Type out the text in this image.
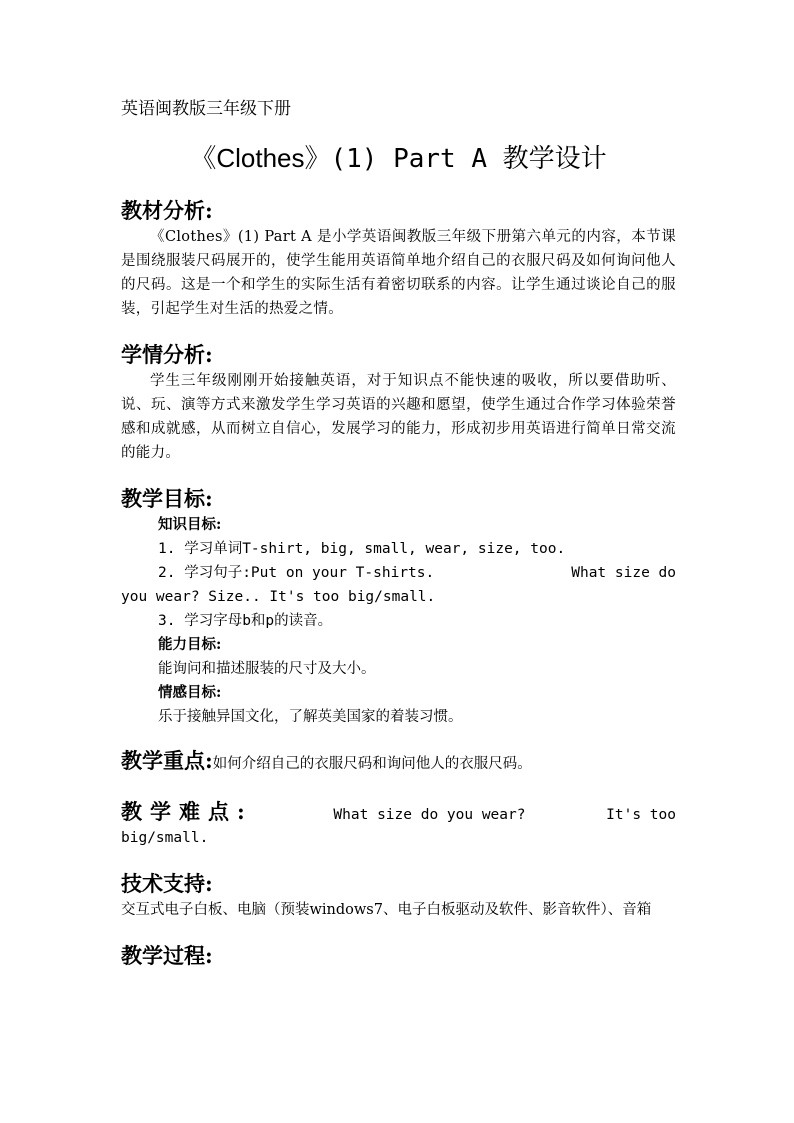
英语闽教版三年级下册

《Clothes》(1) Part A 教学设计

教材分析:

《Clothes》(1) Part A 是小学英语闽教版三年级下册第六单元的内容，本节课是围绕服装尺码展开的，使学生能用英语简单地介绍自己的衣服尺码及如何询问他人的尺码。这是一个和学生的实际生活有着密切联系的内容。让学生通过谈论自己的服装，引起学生对生活的热爱之情。

学情分析:

学生三年级刚刚开始接触英语，对于知识点不能快速的吸收，所以要借助听、说、玩、演等方式来激发学生学习英语的兴趣和愿望，使学生通过合作学习体验荣誉感和成就感，从而树立自信心，发展学习的能力，形成初步用英语进行简单日常交流的能力。

教学目标:

知识目标:

1. 学习单词T-shirt, big, small, wear, size, too.

2. 学习句子:Put on your T-shirts.	What size do
you wear? Size.. It's too big/small.

3. 学习字母b和p的读音。

能力目标:

能询问和描述服装的尺寸及大小。

情感目标:

乐于接触异国文化，了解英美国家的着装习惯。

教学重点:如何介绍自己的衣服尺码和询问他人的衣服尺码。

教学难点:	What size do you wear?	It's too

big/small.

技术支持:

交互式电子白板、电脑（预装windows7、电子白板驱动及软件、影音软件）、音箱

教学过程:
